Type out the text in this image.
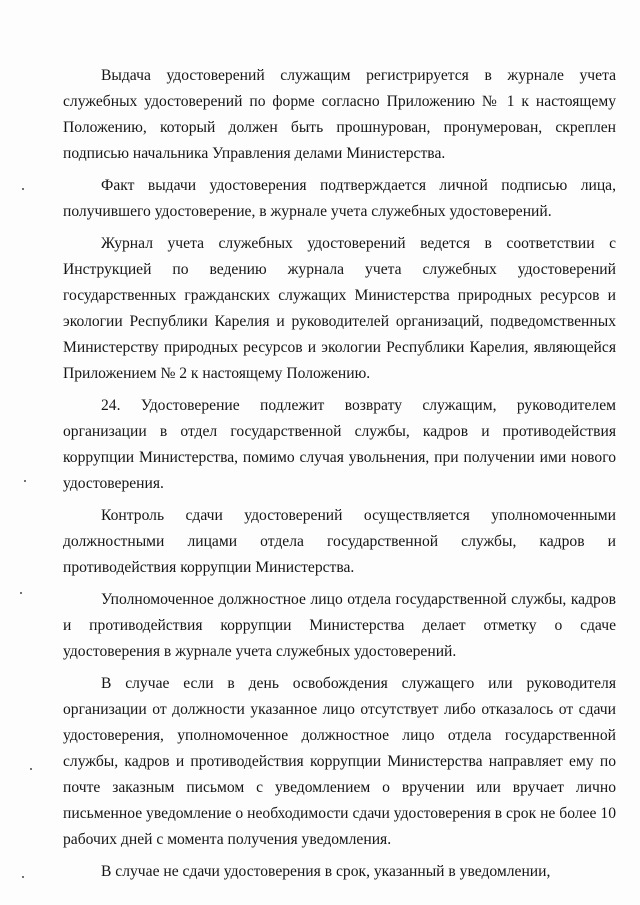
Выдача удостоверений служащим регистрируется в журнале учета служебных удостоверений по форме согласно Приложению № 1 к настоящему Положению, который должен быть прошнурован, пронумерован, скреплен подписью начальника Управления делами Министерства.

Факт выдачи удостоверения подтверждается личной подписью лица, получившего удостоверение, в журнале учета служебных удостоверений.

Журнал учета служебных удостоверений ведется в соответствии с Инструкцией по ведению журнала учета служебных удостоверений государственных гражданских служащих Министерства природных ресурсов и экологии Республики Карелия и руководителей организаций, подведомственных Министерству природных ресурсов и экологии Республики Карелия, являющейся Приложением № 2 к настоящему Положению.

24. Удостоверение подлежит возврату служащим, руководителем организации в отдел государственной службы, кадров и противодействия коррупции Министерства, помимо случая увольнения, при получении ими нового удостоверения.

Контроль сдачи удостоверений осуществляется уполномоченными должностными лицами отдела государственной службы, кадров и противодействия коррупции Министерства.

Уполномоченное должностное лицо отдела государственной службы, кадров и противодействия коррупции Министерства делает отметку о сдаче удостоверения в журнале учета служебных удостоверений.

В случае если в день освобождения служащего или руководителя организации от должности указанное лицо отсутствует либо отказалось от сдачи удостоверения, уполномоченное должностное лицо отдела государственной службы, кадров и противодействия коррупции Министерства направляет ему по почте заказным письмом с уведомлением о вручении или вручает лично письменное уведомление о необходимости сдачи удостоверения в срок не более 10 рабочих дней с момента получения уведомления.

В случае не сдачи удостоверения в срок, указанный в уведомлении,
